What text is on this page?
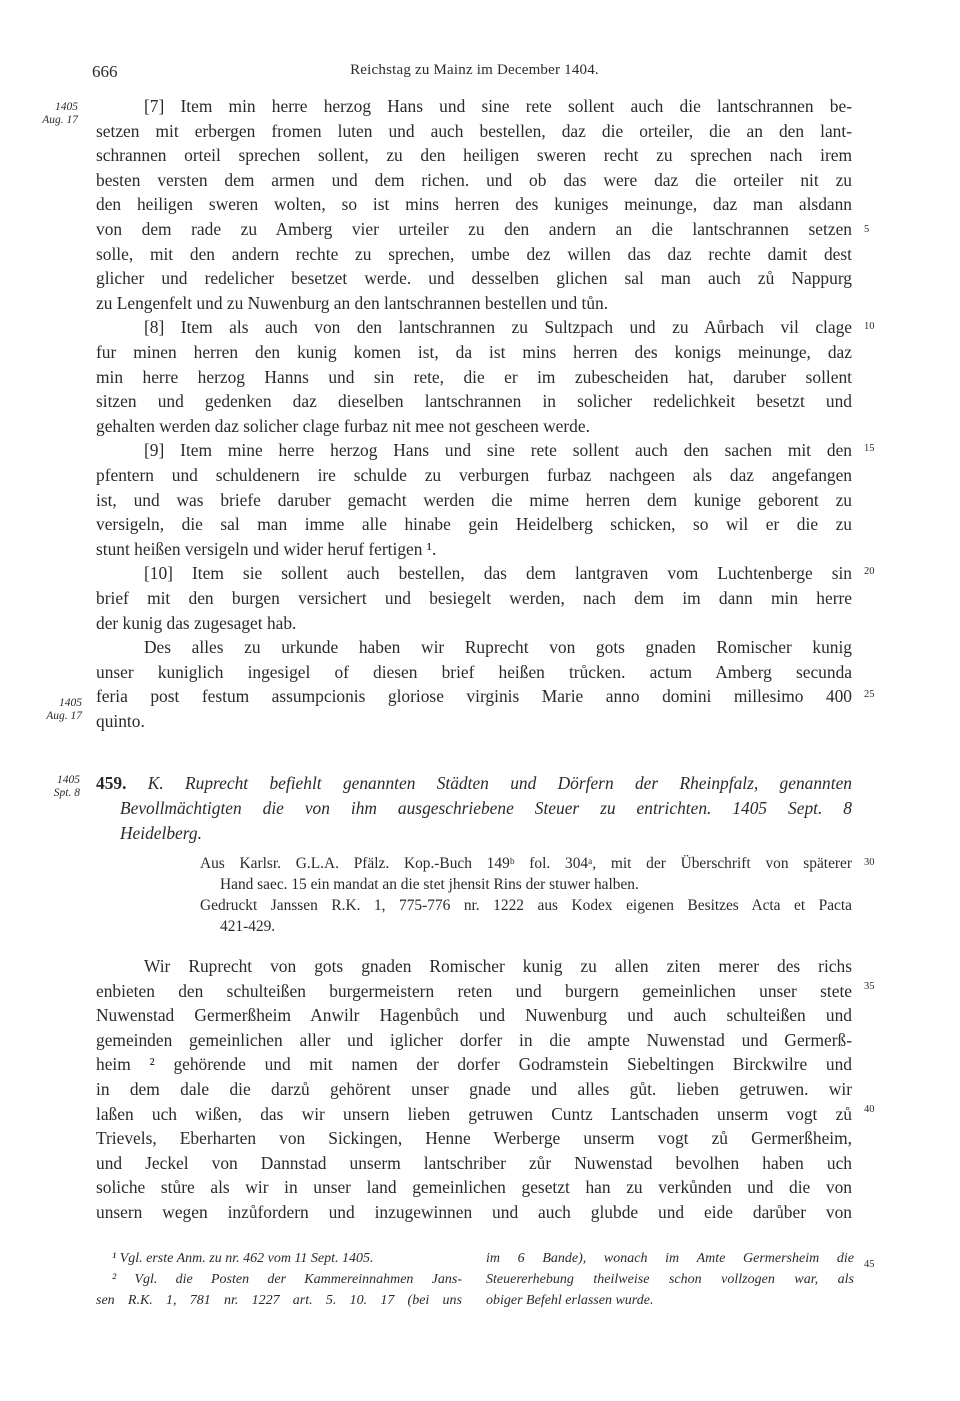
666	Reichstag zu Mainz im December 1404.
1405
Aug. 17
1405
Aug. 17
1405
Spt. 8
5
10
15
20
25
30
35
40
45
[7] Item min herre herzog Hans und sine rete sollent auch die lantschrannen be-
setzen mit erbergen fromen luten und auch bestellen, daz die orteiler, die an den lant-
schrannen orteil sprechen sollent, zu den heiligen sweren recht zu sprechen nach irem
besten versten dem armen und dem richen. und ob das were daz die orteiler nit zu
den heiligen sweren wolten, so ist mins herren des kuniges meinunge, daz man alsdann
von dem rade zu Amberg vier urteiler zu den andern an die lantschrannen setzen
solle, mit den andern rechte zu sprechen, umbe dez willen das daz rechte damit dest
glicher und redelicher besetzet werde. und desselben glichen sal man auch zů Nappurg
zu Lengenfelt und zu Nuwenburg an den lantschrannen bestellen und tůn.
[8] Item als auch von den lantschrannen zu Sultzpach und zu Aůrbach vil clage
fur minen herren den kunig komen ist, da ist mins herren des konigs meinunge, daz
min herre herzog Hanns und sin rete, die er im zubescheiden hat, daruber sollent
sitzen und gedenken daz dieselben lantschrannen in solicher redelichkeit besetzt und
gehalten werden daz solicher clage furbaz nit mee not gescheen werde.
[9] Item mine herre herzog Hans und sine rete sollent auch den sachen mit den
pfentern und schuldenern ire schulde zu verburgen furbaz nachgeen als daz angefangen
ist, und was briefe daruber gemacht werden die mime herren dem kunige geborent zu
versigeln, die sal man imme alle hinabe gein Heidelberg schicken, so wil er die zu
stunt heißen versigeln und wider heruf fertigen ¹.
[10] Item sie sollent auch bestellen, das dem lantgraven vom Luchtenberge sin
brief mit den burgen versichert und besiegelt werden, nach dem im dann min herre
der kunig das zugesaget hab.
Des alles zu urkunde haben wir Ruprecht von gots gnaden Romischer kunig
unser kuniglich ingesigel of diesen brief heißen trůcken. actum Amberg secunda
feria post festum assumpcionis gloriose virginis Marie anno domini millesimo 400
quinto.
459. K. Ruprecht befiehlt genannten Städten und Dörfern der Rheinpfalz, genannten
Bevollmächtigten die von ihm ausgeschriebene Steuer zu entrichten. 1405 Sept. 8
Heidelberg.
Aus Karlsr. G.L.A. Pfälz. Kop.-Buch 149ᵇ fol. 304ᵃ, mit der Überschrift von späterer
Hand saec. 15 ein mandat an die stet jhensit Rins der stuwer halben.
Gedruckt Janssen R.K. 1, 775-776 nr. 1222 aus Kodex eigenen Besitzes Acta et Pacta
421-429.
Wir Ruprecht von gots gnaden Romischer kunig zu allen ziten merer des richs
enbieten den schulteißen burgermeistern reten und burgern gemeinlichen unser stete
Nuwenstad Germerßheim Anwilr Hagenbůch und Nuwenburg und auch schulteißen und
gemeinden gemeinlichen aller und iglicher dorfer in die ampte Nuwenstad und Germerß-
heim ² gehörende und mit namen der dorfer Godramstein Siebeltingen Birckwilre und
in dem dale die darzů gehörent unser gnade und alles gůt. lieben getruwen. wir
laßen uch wißen, das wir unsern lieben getruwen Cuntz Lantschaden unserm vogt zů
Trievels, Eberharten von Sickingen, Henne Werberge unserm vogt zů Germerßheim,
und Jeckel von Dannstad unserm lantschriber zůr Nuwenstad bevolhen haben uch
soliche stůre als wir in unser land gemeinlichen gesetzt han zu verkůnden und die von
unsern wegen inzůfordern und inzugewinnen und auch glubde und eide darůber von
¹ Vgl. erste Anm. zu nr. 462 vom 11 Sept. 1405.
² Vgl. die Posten der Kammereinnahmen Jans-
sen R.K. 1, 781 nr. 1227 art. 5. 10. 17 (bei uns
im 6 Bande), wonach im Amte Germersheim die
Steuererhebung theilweise schon vollzogen war, als
obiger Befehl erlassen wurde.
